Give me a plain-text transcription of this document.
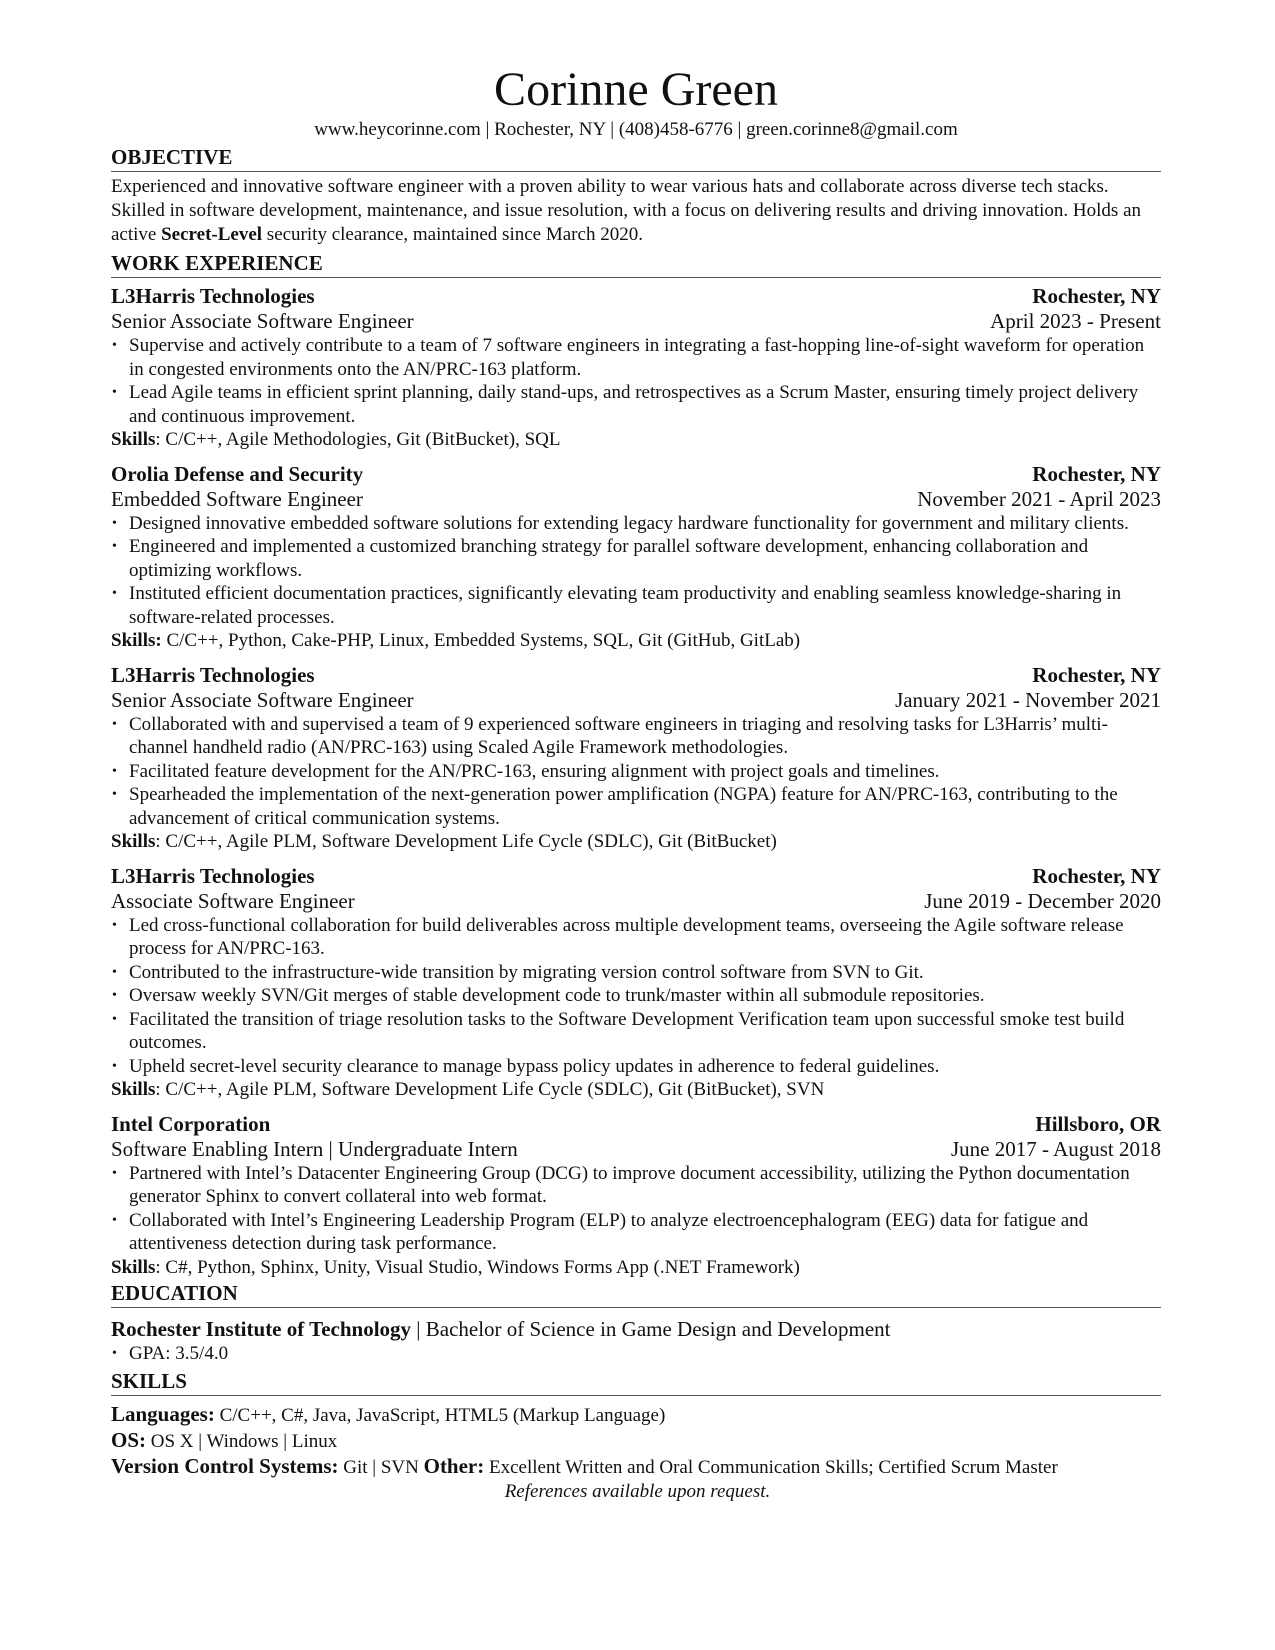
Corinne Green
www.heycorinne.com | Rochester, NY | (408)458-6776 | green.corinne8@gmail.com
OBJECTIVE
Experienced and innovative software engineer with a proven ability to wear various hats and collaborate across diverse tech stacks. Skilled in software development, maintenance, and issue resolution, with a focus on delivering results and driving innovation. Holds an active Secret-Level security clearance, maintained since March 2020.
WORK EXPERIENCE
L3Harris Technologies	Rochester, NY
Senior Associate Software Engineer	April 2023 - Present
• Supervise and actively contribute to a team of 7 software engineers in integrating a fast-hopping line-of-sight waveform for operation in congested environments onto the AN/PRC-163 platform.
• Lead Agile teams in efficient sprint planning, daily stand-ups, and retrospectives as a Scrum Master, ensuring timely project delivery and continuous improvement.
Skills: C/C++, Agile Methodologies, Git (BitBucket), SQL
Orolia Defense and Security	Rochester, NY
Embedded Software Engineer	November 2021 - April 2023
• Designed innovative embedded software solutions for extending legacy hardware functionality for government and military clients.
• Engineered and implemented a customized branching strategy for parallel software development, enhancing collaboration and optimizing workflows.
• Instituted efficient documentation practices, significantly elevating team productivity and enabling seamless knowledge-sharing in software-related processes.
Skills: C/C++, Python, Cake-PHP, Linux, Embedded Systems, SQL, Git (GitHub, GitLab)
L3Harris Technologies	Rochester, NY
Senior Associate Software Engineer	January 2021 - November 2021
• Collaborated with and supervised a team of 9 experienced software engineers in triaging and resolving tasks for L3Harris’ multi-channel handheld radio (AN/PRC-163) using Scaled Agile Framework methodologies.
• Facilitated feature development for the AN/PRC-163, ensuring alignment with project goals and timelines.
• Spearheaded the implementation of the next-generation power amplification (NGPA) feature for AN/PRC-163, contributing to the advancement of critical communication systems.
Skills: C/C++, Agile PLM, Software Development Life Cycle (SDLC), Git (BitBucket)
L3Harris Technologies	Rochester, NY
Associate Software Engineer	June 2019 - December 2020
• Led cross-functional collaboration for build deliverables across multiple development teams, overseeing the Agile software release process for AN/PRC-163.
• Contributed to the infrastructure-wide transition by migrating version control software from SVN to Git.
• Oversaw weekly SVN/Git merges of stable development code to trunk/master within all submodule repositories.
• Facilitated the transition of triage resolution tasks to the Software Development Verification team upon successful smoke test build outcomes.
• Upheld secret-level security clearance to manage bypass policy updates in adherence to federal guidelines.
Skills: C/C++, Agile PLM, Software Development Life Cycle (SDLC), Git (BitBucket), SVN
Intel Corporation	Hillsboro, OR
Software Enabling Intern | Undergraduate Intern	June 2017 - August 2018
• Partnered with Intel’s Datacenter Engineering Group (DCG) to improve document accessibility, utilizing the Python documentation generator Sphinx to convert collateral into web format.
• Collaborated with Intel’s Engineering Leadership Program (ELP) to analyze electroencephalogram (EEG) data for fatigue and attentiveness detection during task performance.
Skills: C#, Python, Sphinx, Unity, Visual Studio, Windows Forms App (.NET Framework)
EDUCATION
Rochester Institute of Technology | Bachelor of Science in Game Design and Development
• GPA: 3.5/4.0
SKILLS
Languages: C/C++, C#, Java, JavaScript, HTML5 (Markup Language)
OS: OS X | Windows | Linux
Version Control Systems: Git | SVN Other: Excellent Written and Oral Communication Skills; Certified Scrum Master
References available upon request.
